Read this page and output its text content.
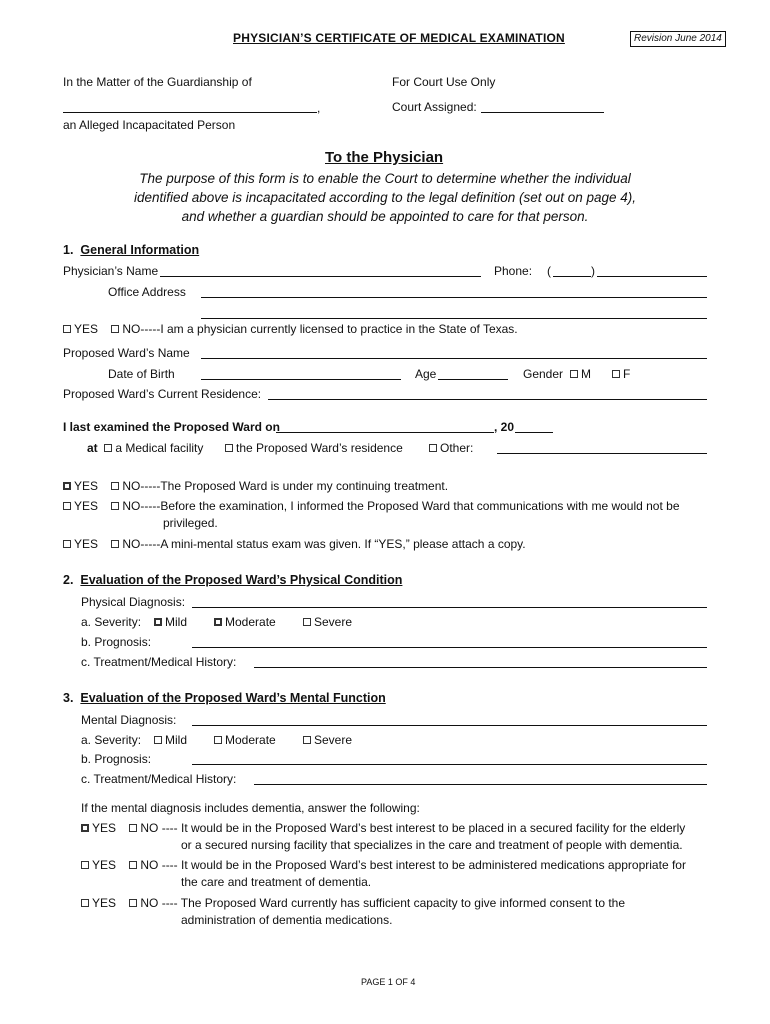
PHYSICIAN’S CERTIFICATE OF MEDICAL EXAMINATION	Revision June 2014
In the Matter of the Guardianship of
,
an Alleged Incapacitated Person
For Court Use Only
Court Assigned:
To the Physician
The purpose of this form is to enable the Court to determine whether the individual
identified above is incapacitated according to the legal definition (set out on page 4),
and whether a guardian should be appointed to care for that person.
1. General Information
Physician’s Name	Phone: (	)
Office Address
YES NO-----I am a physician currently licensed to practice in the State of Texas.
Proposed Ward’s Name
Date of Birth	Age	Gender	M	F
Proposed Ward’s Current Residence:
I last examined the Proposed Ward on	, 20
at a Medical facility	the Proposed Ward’s residence	Other:
YES NO-----The Proposed Ward is under my continuing treatment.
YES NO-----Before the examination, I informed the Proposed Ward that communications with me would not be
privileged.
YES NO-----A mini-mental status exam was given. If “YES,” please attach a copy.
2. Evaluation of the Proposed Ward’s Physical Condition
Physical Diagnosis:
a. Severity:	Mild	Moderate	Severe
b. Prognosis:
c. Treatment/Medical History:
3. Evaluation of the Proposed Ward’s Mental Function
Mental Diagnosis:
a. Severity:	Mild	Moderate	Severe
b. Prognosis:
c. Treatment/Medical History:
If the mental diagnosis includes dementia, answer the following:
YES NO ---- It would be in the Proposed Ward’s best interest to be placed in a secured facility for the elderly
or a secured nursing facility that specializes in the care and treatment of people with dementia.
YES NO ---- It would be in the Proposed Ward’s best interest to be administered medications appropriate for
the care and treatment of dementia.
YES NO ---- The Proposed Ward currently has sufficient capacity to give informed consent to the
administration of dementia medications.
PAGE 1 OF 4
